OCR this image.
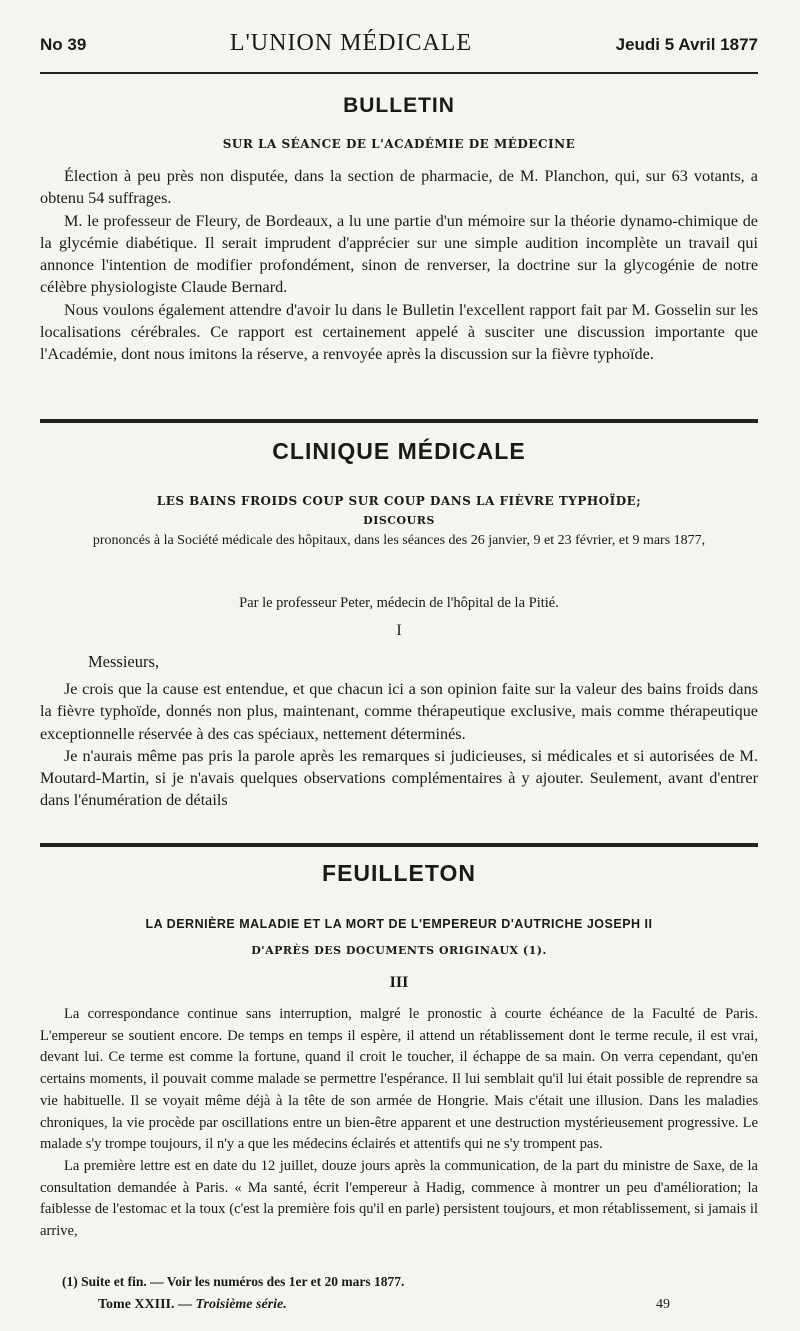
No 39	L'UNION MÉDICALE	Jeudi 5 Avril 1877
BULLETIN
SUR LA SÉANCE DE L'ACADÉMIE DE MÉDECINE

Élection à peu près non disputée, dans la section de pharmacie, de M. Planchon, qui, sur 63 votants, a obtenu 54 suffrages.

M. le professeur de Fleury, de Bordeaux, a lu une partie d'un mémoire sur la théorie dynamo-chimique de la glycémie diabétique. Il serait imprudent d'apprécier sur une simple audition incomplète un travail qui annonce l'intention de modifier profondément, sinon de renverser, la doctrine sur la glycogénie de notre célèbre physiologiste Claude Bernard.

Nous voulons également attendre d'avoir lu dans le Bulletin l'excellent rapport fait par M. Gosselin sur les localisations cérébrales. Ce rapport est certainement appelé à susciter une discussion importante que l'Académie, dont nous imitons la réserve, a renvoyée après la discussion sur la fièvre typhoïde.

CLINIQUE MÉDICALE
LES BAINS FROIDS COUP SUR COUP DANS LA FIÈVRE TYPHOÏDE;
DISCOURS
prononcés à la Société médicale des hôpitaux, dans les séances des 26 janvier, 9 et 23 février, et 9 mars 1877,
Par le professeur Peter, médecin de l'hôpital de la Pitié.
I
Messieurs,

Je crois que la cause est entendue, et que chacun ici a son opinion faite sur la valeur des bains froids dans la fièvre typhoïde, donnés non plus, maintenant, comme thérapeutique exclusive, mais comme thérapeutique exceptionnelle réservée à des cas spéciaux, nettement déterminés.

Je n'aurais même pas pris la parole après les remarques si judicieuses, si médicales et si autorisées de M. Moutard-Martin, si je n'avais quelques observations complémentaires à y ajouter. Seulement, avant d'entrer dans l'énumération de détails

FEUILLETON
LA DERNIÈRE MALADIE ET LA MORT DE L'EMPEREUR D'AUTRICHE JOSEPH II
D'APRÈS DES DOCUMENTS ORIGINAUX (1).
III

La correspondance continue sans interruption, malgré le pronostic à courte échéance de la Faculté de Paris. L'empereur se soutient encore. De temps en temps il espère, il attend un rétablissement dont le terme recule, il est vrai, devant lui. Ce terme est comme la fortune, quand il croit le toucher, il échappe de sa main. On verra cependant, qu'en certains moments, il pouvait comme malade se permettre l'espérance. Il lui semblait qu'il lui était possible de reprendre sa vie habituelle. Il se voyait même déjà à la tête de son armée de Hongrie. Mais c'était une illusion. Dans les maladies chroniques, la vie procède par oscillations entre un bien-être apparent et une destruction mystérieusement progressive. Le malade s'y trompe toujours, il n'y a que les médecins éclairés et attentifs qui ne s'y trompent pas.

La première lettre est en date du 12 juillet, douze jours après la communication, de la part du ministre de Saxe, de la consultation demandée à Paris. « Ma santé, écrit l'empereur à Hadig, commence à montrer un peu d'amélioration; la faiblesse de l'estomac et la toux (c'est la première fois qu'il en parle) persistent toujours, et mon rétablissement, si jamais il arrive,

(1) Suite et fin. — Voir les numéros des 1er et 20 mars 1877.
Tome XXIII. — Troisième série.	49
